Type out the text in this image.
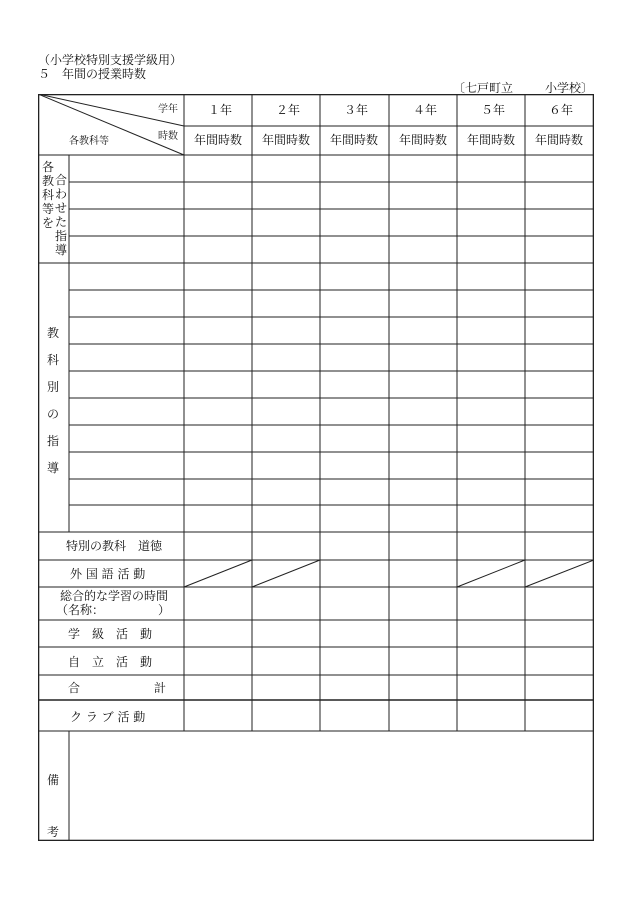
（小学校特別支援学級用）
５　年間の授業時数
〔七戸町立	小学校〕
学年
時数
各教科等
１年	２年	３年	４年	５年	６年
年間時数 年間時数 年間時数 年間時数 年間時数 年間時数
各教科等を
合わせた指導
教科別の指導
特別の教科　道徳
外 国 語 活 動
総合的な学習の時間
（名称：　　　　　）
学　級　活　動
自　立　活　動
合	計
ク ラ ブ 活 動
備考
